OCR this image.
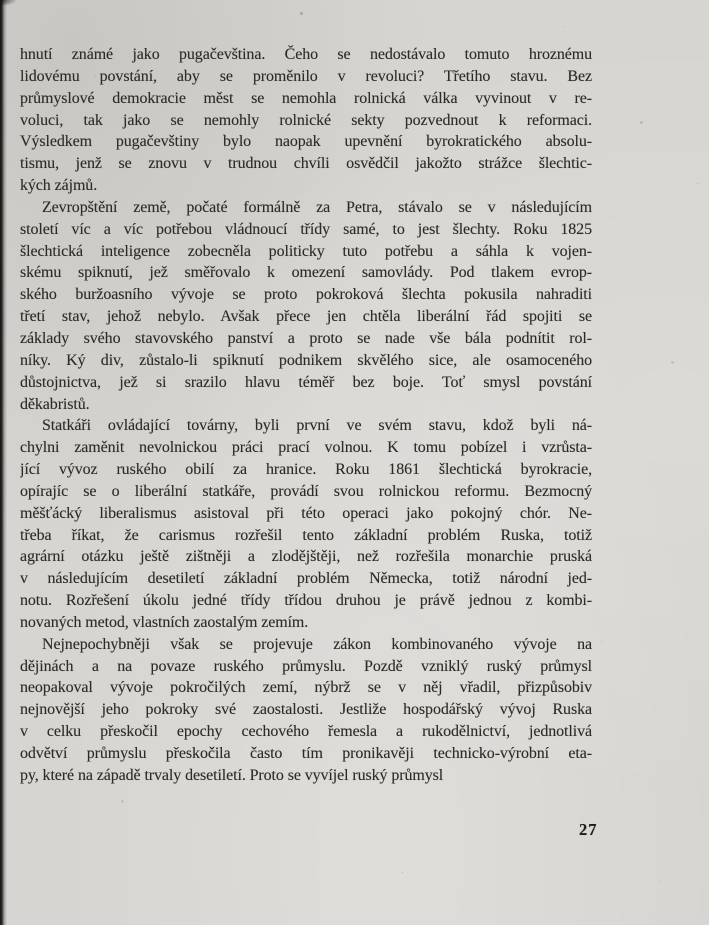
hnutí známé jako pugačevština. Čeho se nedostávalo tomuto hroznému
lidovému povstání, aby se proměnilo v revoluci? Třetího stavu. Bez
průmyslové demokracie měst se nemohla rolnická válka vyvinout v re-
voluci, tak jako se nemohly rolnické sekty pozvednout k reformaci.
Výsledkem pugačevštiny bylo naopak upevnění byrokratického absolu-
tismu, jenž se znovu v trudnou chvíli osvědčil jakožto strážce šlechtic-
kých zájmů.
Zevropštění země, počaté formálně za Petra, stávalo se v následujícím
století víc a víc potřebou vládnoucí třídy samé, to jest šlechty. Roku 1825
šlechtická inteligence zobecněla politicky tuto potřebu a sáhla k vojen-
skému spiknutí, jež směřovalo k omezení samovlády. Pod tlakem evrop-
ského buržoasního vývoje se proto pokroková šlechta pokusila nahraditi
třetí stav, jehož nebylo. Avšak přece jen chtěla liberální řád spojiti se
základy svého stavovského panství a proto se nade vše bála podnítit rol-
níky. Ký div, zůstalo-li spiknutí podnikem skvělého sice, ale osamoceného
důstojnictva, jež si srazilo hlavu téměř bez boje. Toť smysl povstání
děkabristů.
Statkáři ovládající továrny, byli první ve svém stavu, kdož byli ná-
chylni zaměnit nevolnickou práci prací volnou. K tomu pobízel i vzrůsta-
jící vývoz ruského obilí za hranice. Roku 1861 šlechtická byrokracie,
opírajíc se o liberální statkáře, provádí svou rolnickou reformu. Bezmocný
měšťácký liberalismus asistoval při této operaci jako pokojný chór. Ne-
třeba říkat, že carismus rozřešil tento základní problém Ruska, totiž
agrární otázku ještě zištněji a zlodějštěji, než rozřešila monarchie pruská
v následujícím desetiletí základní problém Německa, totiž národní jed-
notu. Rozřešení úkolu jedné třídy třídou druhou je právě jednou z kombi-
novaných metod, vlastních zaostalým zemím.
Nejnepochybněji však se projevuje zákon kombinovaného vývoje na
dějinách a na povaze ruského průmyslu. Pozdě vzniklý ruský průmysl
neopakoval vývoje pokročilých zemí, nýbrž se v něj vřadil, přizpůsobiv
nejnovější jeho pokroky své zaostalosti. Jestliže hospodářský vývoj Ruska
v celku přeskočil epochy cechového řemesla a rukodělnictví, jednotlivá
odvětví průmyslu přeskočila často tím pronikavěji technicko-výrobní eta-
py, které na západě trvaly desetiletí. Proto se vyvíjel ruský průmysl
27
